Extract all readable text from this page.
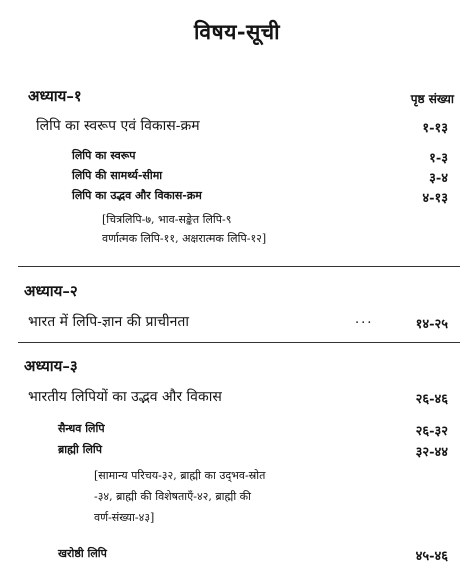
विषय-सूची
अध्याय–१	पृष्ठ संख्या
लिपि का स्वरूप एवं विकास-क्रम	१-१३
लिपि का स्वरूप	१-३
लिपि की सामर्थ्य-सीमा	३-४
लिपि का उद्भव और विकास-क्रम	४-१३
[चित्रलिपि-७, भाव-सङ्केत लिपि-९
वर्णात्मक लिपि-११, अक्षरात्मक लिपि-१२]
अध्याय–२
भारत में लिपि-ज्ञान की प्राचीनता	...	१४-२५
अध्याय–३
भारतीय लिपियों का उद्भव और विकास	२६-४६
सैन्धव लिपि	२६-३२
ब्राह्मी लिपि	३२-४४
[सामान्य परिचय-३२, ब्राह्मी का उद्‌भव-स्रोत
-३४, ब्राह्मी की विशेषताएँ-४२, ब्राह्मी की
वर्ण-संख्या-४३]
खरोष्ठी लिपि	४५-४६
